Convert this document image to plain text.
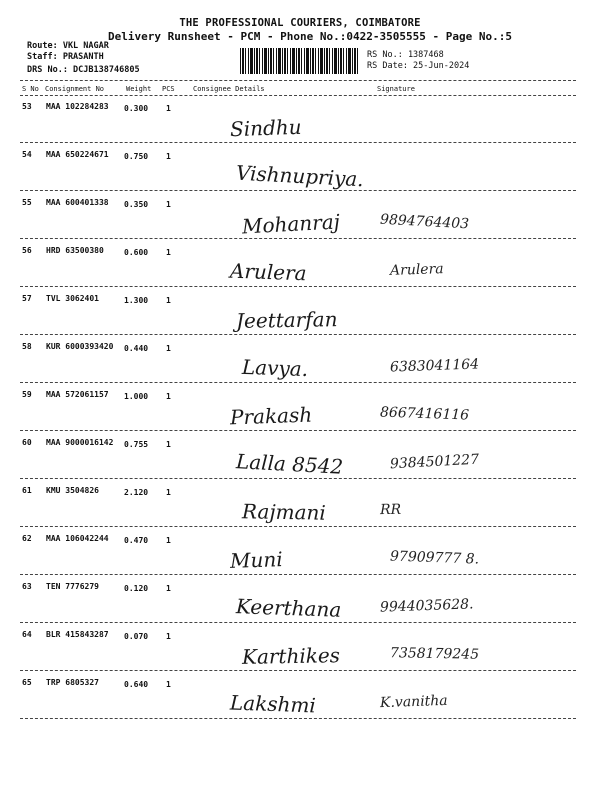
THE PROFESSIONAL COURIERS, COIMBATORE
Delivery Runsheet - PCM - Phone No.:0422-3505555 - Page No.:5
Route: VKL NAGAR
Staff: PRASANTH
DRS No.: DCJB138746805
RS No.: 1387468
RS Date: 25-Jun-2024
S No Consignment No	Weight PCS	Consignee Details	Signature
53 MAA 102284283 0.300 1
Sindhu
54 MAA 650224671 0.750 1
Vishnupriya.
55 MAA 600401338 0.350 1
Mohanraj	9894764403
56 HRD 63500380	0.600 1
Arulera	Arulera
57 TVL 3062401	1.300 1
Jeettarfan
58 KUR 6000393420 0.440 1
Lavya.	6383041164
59 MAA 572061157 1.000 1
Prakash	8667416116
60 MAA 9000016142 0.755 1
Lalla 8542	9384501227
61 KMU 3504826	2.120 1
Rajmani	RR
62 MAA 106042244 0.470 1
Muni	97909777 8.
63 TEN 7776279	0.120 1
Keerthana	9944035628.
64 BLR 415843287 0.070 1
Karthikes	7358179245
65 TRP 6805327	0.640 1
Lakshmi	K.vanitha
